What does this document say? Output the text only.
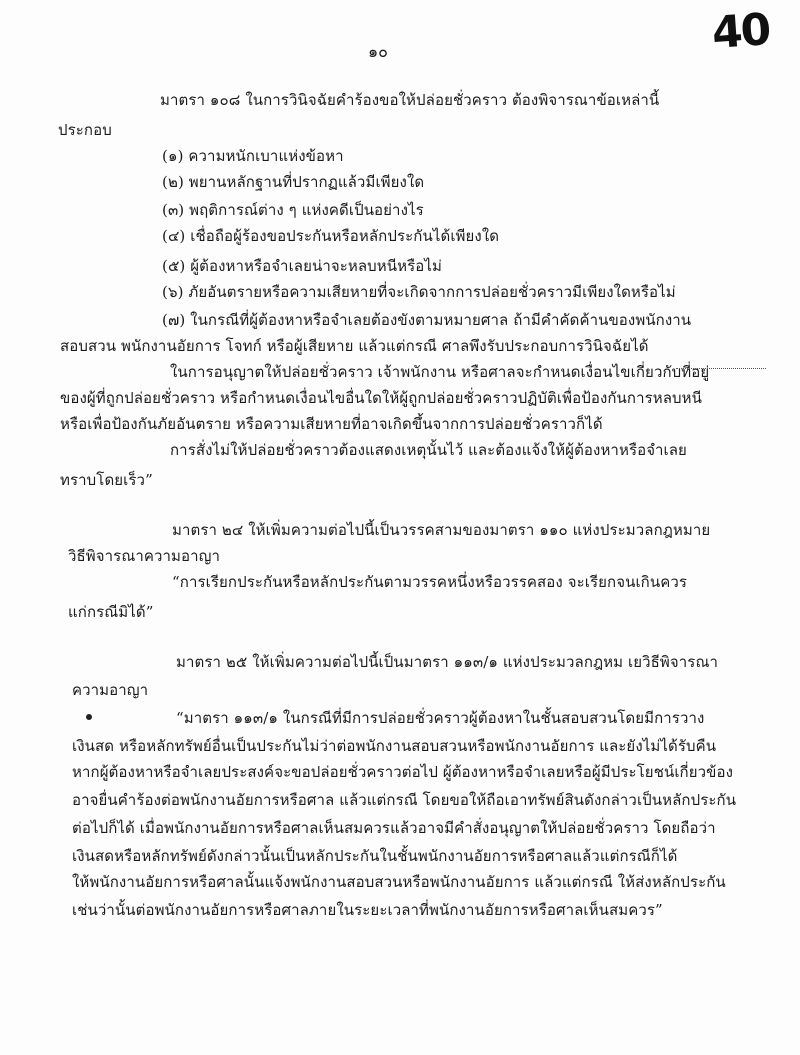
๑๐	40
มาตรา ๑๐๘ ในการวินิจฉัยคำร้องขอให้ปล่อยชั่วคราว ต้องพิจารณาข้อเหล่านี้
ประกอบ
(๑) ความหนักเบาแห่งข้อหา
(๒) พยานหลักฐานที่ปรากฏแล้วมีเพียงใด
(๓) พฤติการณ์ต่าง ๆ แห่งคดีเป็นอย่างไร
(๔) เชื่อถือผู้ร้องขอประกันหรือหลักประกันได้เพียงใด
(๕) ผู้ต้องหาหรือจำเลยน่าจะหลบหนีหรือไม่
(๖) ภัยอันตรายหรือความเสียหายที่จะเกิดจากการปล่อยชั่วคราวมีเพียงใดหรือไม่
(๗) ในกรณีที่ผู้ต้องหาหรือจำเลยต้องขังตามหมายศาล ถ้ามีคำคัดค้านของพนักงาน
สอบสวน พนักงานอัยการ โจทก์ หรือผู้เสียหาย แล้วแต่กรณี ศาลพึงรับประกอบการวินิจฉัยได้
ในการอนุญาตให้ปล่อยชั่วคราว เจ้าพนักงาน หรือศาลจะกำหนดเงื่อนไขเกี่ยวกับที่อยู่
ของผู้ที่ถูกปล่อยชั่วคราว หรือกำหนดเงื่อนไขอื่นใดให้ผู้ถูกปล่อยชั่วคราวปฏิบัติเพื่อป้องกันการหลบหนี
หรือเพื่อป้องกันภัยอันตราย หรือความเสียหายที่อาจเกิดขึ้นจากการปล่อยชั่วคราวก็ได้
การสั่งไม่ให้ปล่อยชั่วคราวต้องแสดงเหตุนั้นไว้ และต้องแจ้งให้ผู้ต้องหาหรือจำเลย
ทราบโดยเร็ว”
มาตรา ๒๔ ให้เพิ่มความต่อไปนี้เป็นวรรคสามของมาตรา ๑๑๐ แห่งประมวลกฎหมาย
วิธีพิจารณาความอาญา
“การเรียกประกันหรือหลักประกันตามวรรคหนึ่งหรือวรรคสอง จะเรียกจนเกินควร
แก่กรณีมิได้”
มาตรา ๒๕ ให้เพิ่มความต่อไปนี้เป็นมาตรา ๑๑๓/๑ แห่งประมวลกฎหม เยวิธีพิจารณา
ความอาญา
“มาตรา ๑๑๓/๑ ในกรณีที่มีการปล่อยชั่วคราวผู้ต้องหาในชั้นสอบสวนโดยมีการวาง
เงินสด หรือหลักทรัพย์อื่นเป็นประกันไม่ว่าต่อพนักงานสอบสวนหรือพนักงานอัยการ และยังไม่ได้รับคืน
หากผู้ต้องหาหรือจำเลยประสงค์จะขอปล่อยชั่วคราวต่อไป ผู้ต้องหาหรือจำเลยหรือผู้มีประโยชน์เกี่ยวข้อง
อาจยื่นคำร้องต่อพนักงานอัยการหรือศาล แล้วแต่กรณี โดยขอให้ถือเอาทรัพย์สินดังกล่าวเป็นหลักประกัน
ต่อไปก็ได้ เมื่อพนักงานอัยการหรือศาลเห็นสมควรแล้วอาจมีคำสั่งอนุญาตให้ปล่อยชั่วคราว โดยถือว่า
เงินสดหรือหลักทรัพย์ดังกล่าวนั้นเป็นหลักประกันในชั้นพนักงานอัยการหรือศาลแล้วแต่กรณีก็ได้
ให้พนักงานอัยการหรือศาลนั้นแจ้งพนักงานสอบสวนหรือพนักงานอัยการ แล้วแต่กรณี ให้ส่งหลักประกัน
เช่นว่านั้นต่อพนักงานอัยการหรือศาลภายในระยะเวลาที่พนักงานอัยการหรือศาลเห็นสมควร”
